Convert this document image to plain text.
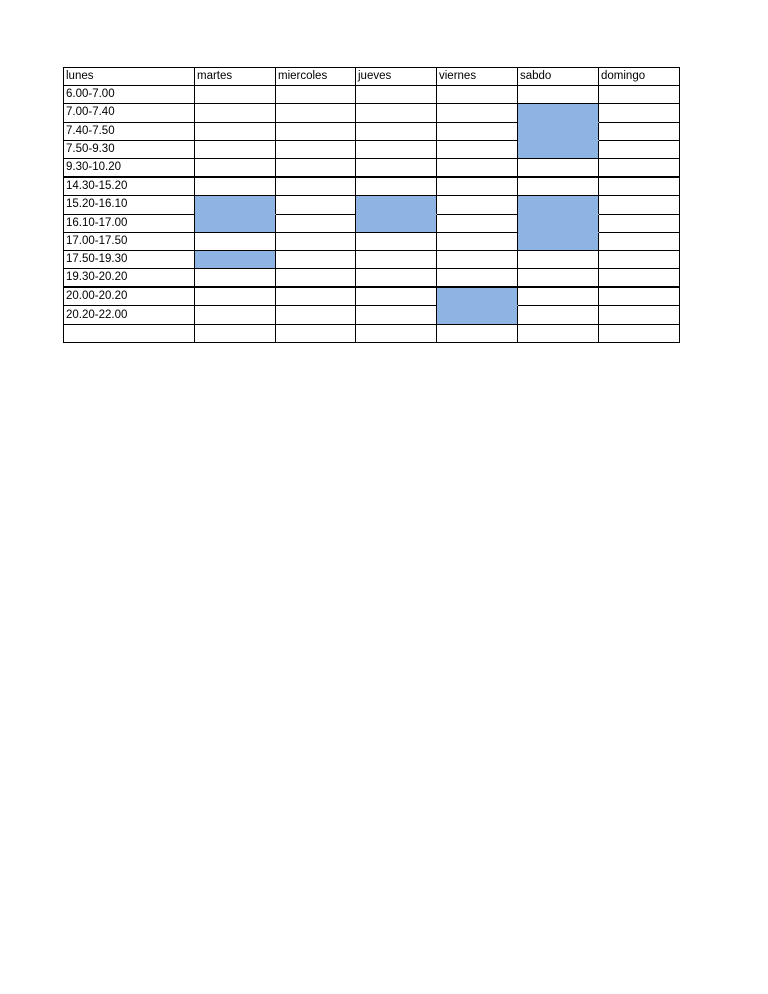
lunes	martes	miercoles	jueves	viernes	sabdo	domingo
6.00-7.00						
7.00-7.40						
7.40-7.50						
7.50-9.30						
9.30-10.20						
14.30-15.20						
15.20-16.10						
16.10-17.00						
17.00-17.50						
17.50-19.30						
19.30-20.20						
20.00-20.20						
20.20-22.00						
